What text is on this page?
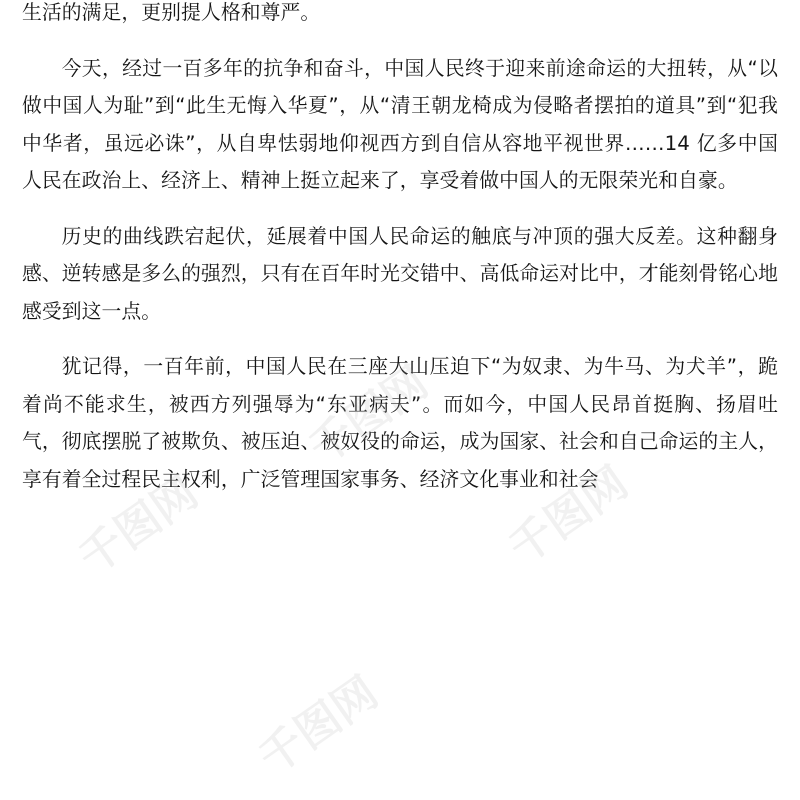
生活的满足，更别提人格和尊严。

今天，经过一百多年的抗争和奋斗，中国人民终于迎来前途命运的大扭转，从“以做中国人为耻”到“此生无悔入华夏”，从“清王朝龙椅成为侵略者摆拍的道具”到“犯我中华者，虽远必诛”，从自卑怯弱地仰视西方到自信从容地平视世界……14 亿多中国人民在政治上、经济上、精神上挺立起来了，享受着做中国人的无限荣光和自豪。

历史的曲线跌宕起伏，延展着中国人民命运的触底与冲顶的强大反差。这种翻身感、逆转感是多么的强烈，只有在百年时光交错中、高低命运对比中，才能刻骨铭心地感受到这一点。

犹记得，一百年前，中国人民在三座大山压迫下“为奴隶、为牛马、为犬羊”，跪着尚不能求生，被西方列强辱为“东亚病夫”。而如今，中国人民昂首挺胸、扬眉吐气，彻底摆脱了被欺负、被压迫、被奴役的命运，成为国家、社会和自己命运的主人，享有着全过程民主权利，广泛管理国家事务、经济文化事业和社会

千图网
千图网	千图网
千图网
